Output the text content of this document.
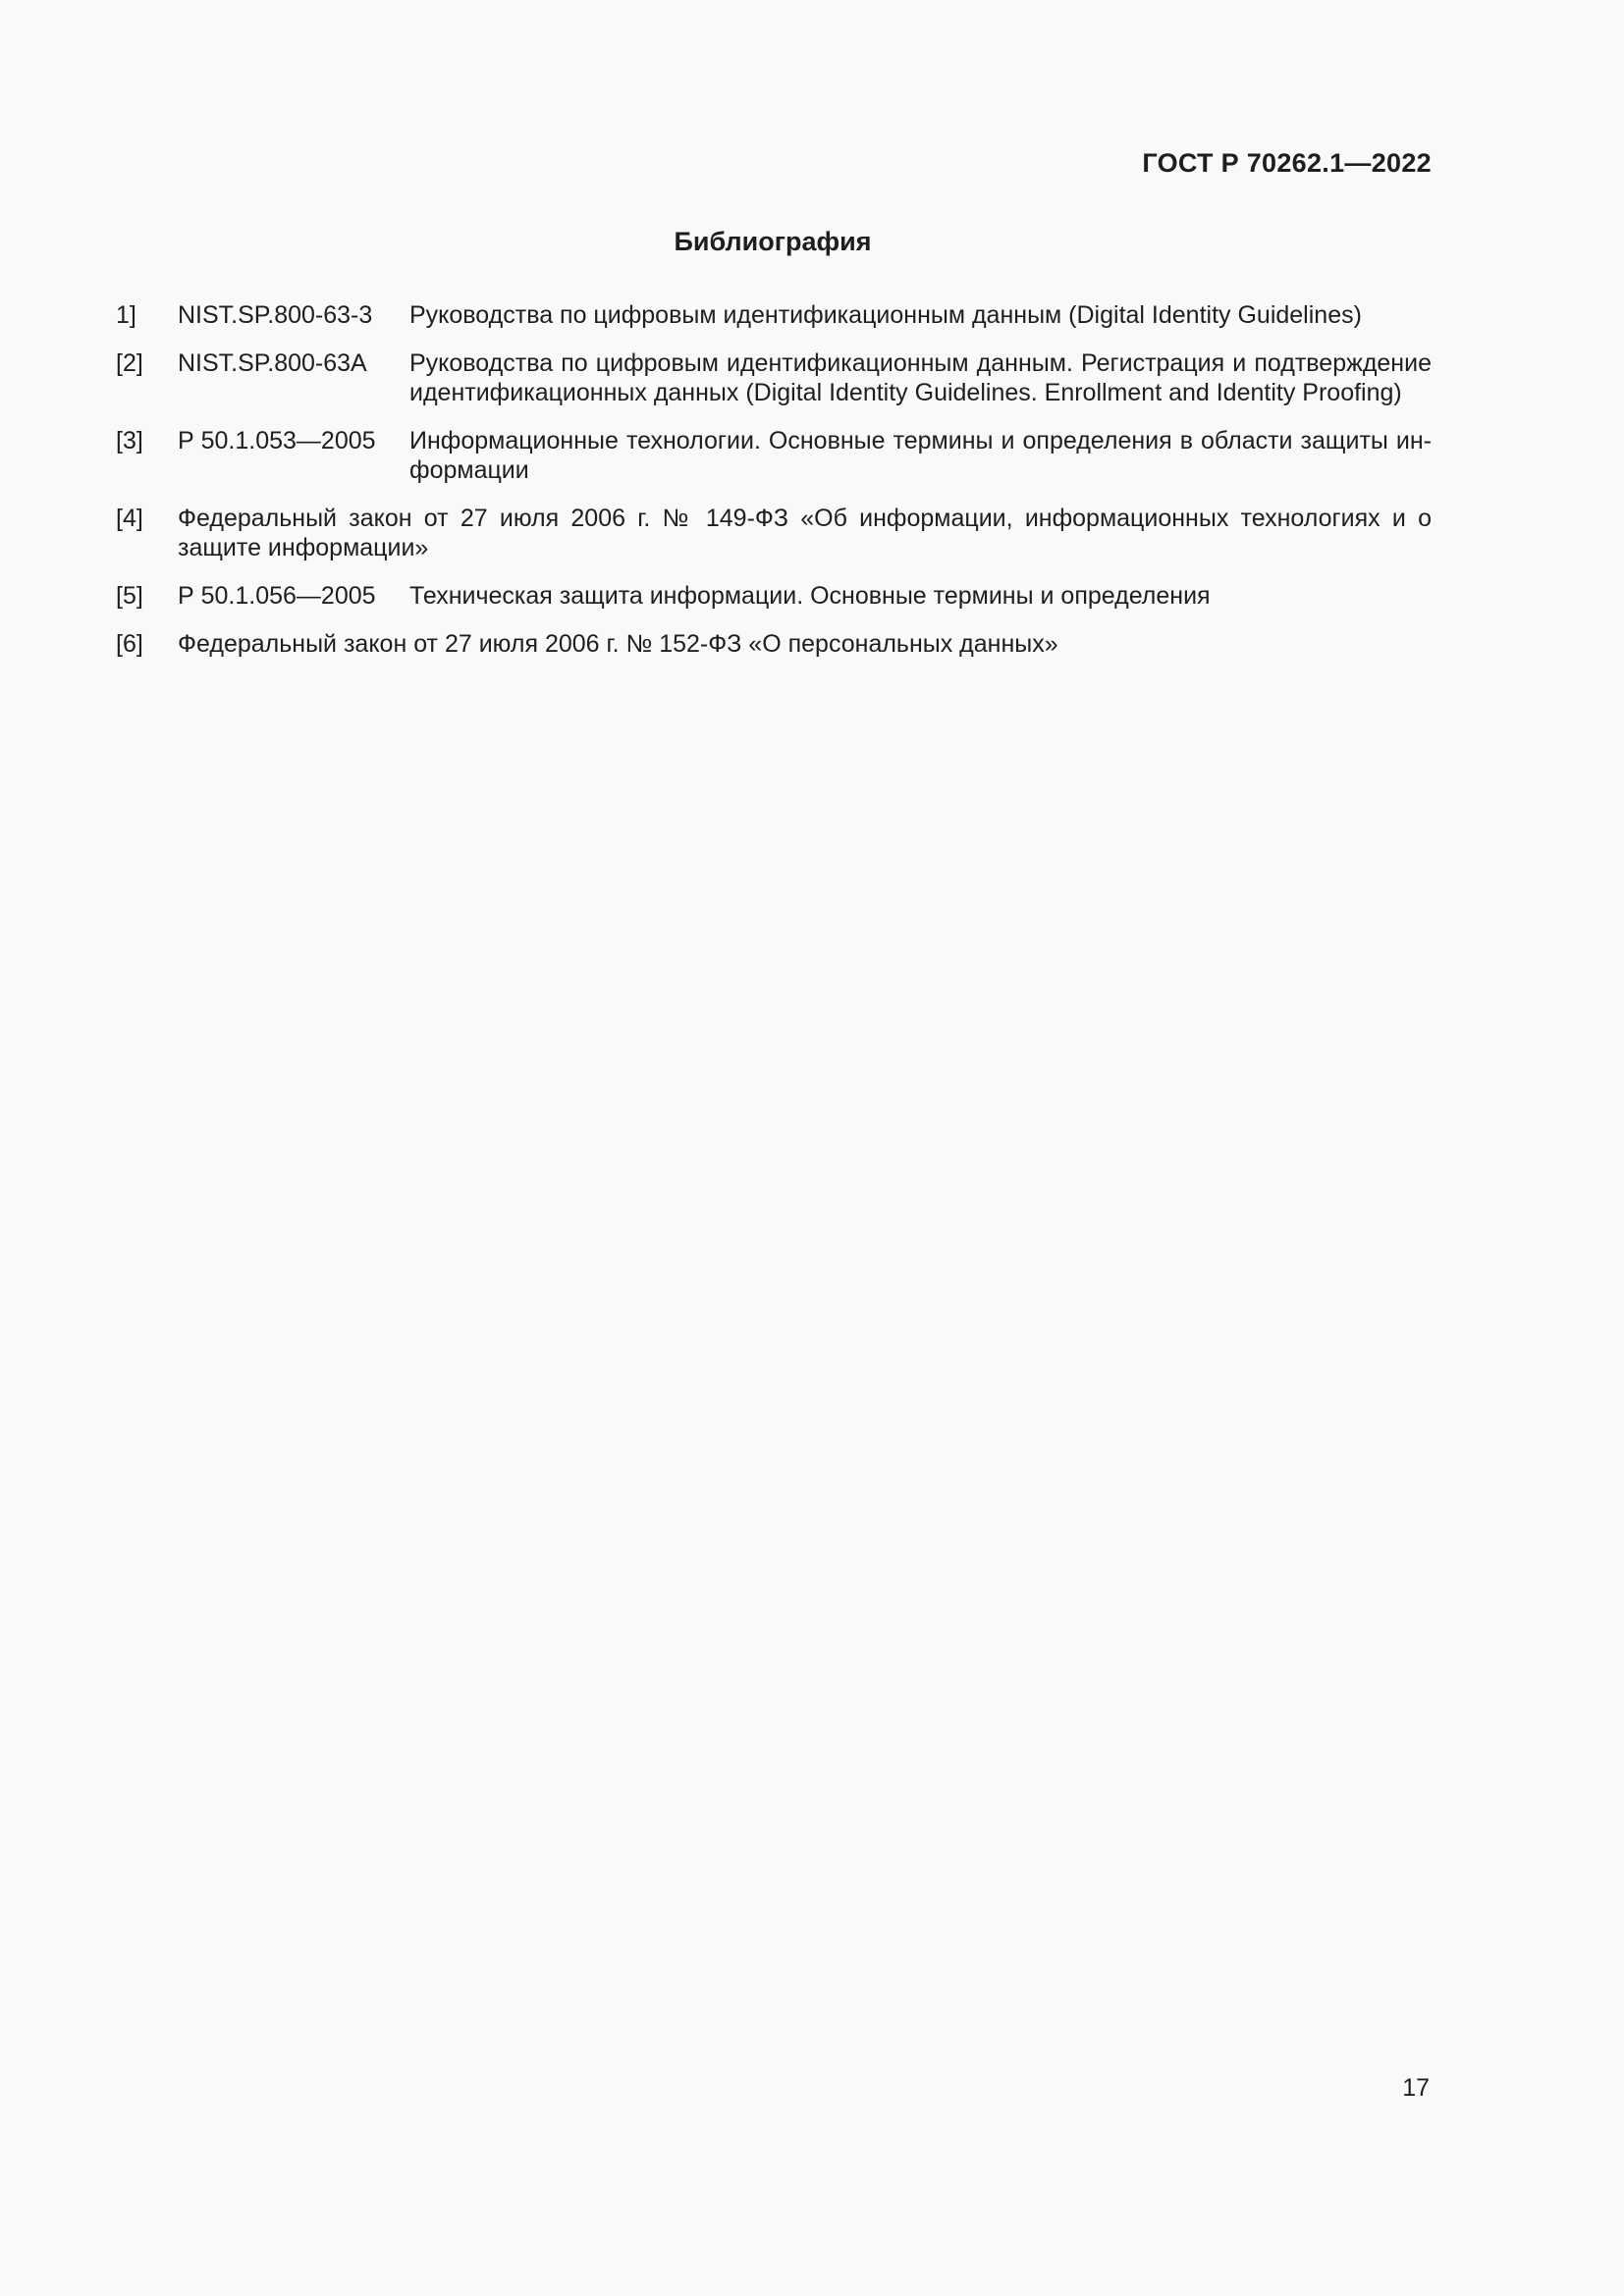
ГОСТ Р 70262.1—2022
Библиография
1] NIST.SP.800-63-3 Руководства по цифровым идентификационным данным (Digital Identity Guidelines)
[2] NIST.SP.800-63A Руководства по цифровым идентификационным данным. Регистрация и подтверждение идентификационных данных (Digital Identity Guidelines. Enrollment and Identity Proofing)
[3] Р 50.1.053—2005 Информационные технологии. Основные термины и определения в области защиты информации
[4] Федеральный закон от 27 июля 2006 г. № 149-ФЗ «Об информации, информационных технологиях и о защите информации»
[5] Р 50.1.056—2005 Техническая защита информации. Основные термины и определения
[6] Федеральный закон от 27 июля 2006 г. № 152-ФЗ «О персональных данных»
17
